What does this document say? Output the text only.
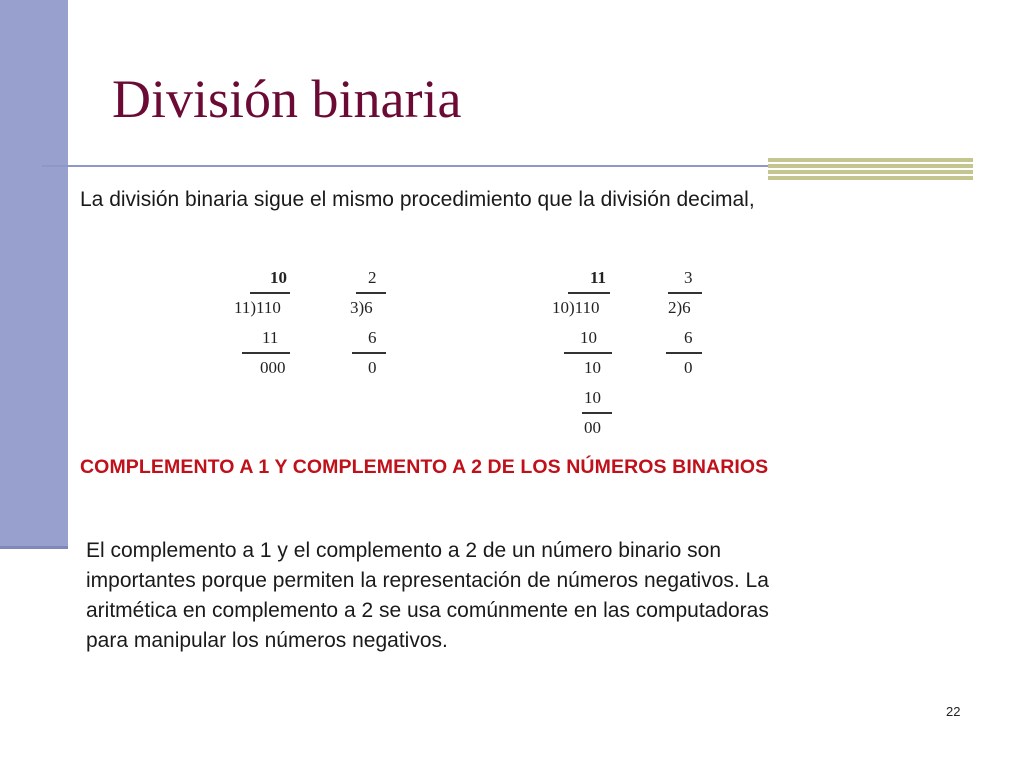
División binaria
La división binaria sigue el mismo procedimiento que la división decimal,
10
11)110
11
000
2
3)6
6
0
11
10)110
10
10
10
00
3
2)6
6
0
COMPLEMENTO A 1 Y COMPLEMENTO A 2 DE LOS NÚMEROS BINARIOS

El complemento a 1 y el complemento a 2 de un número binario son
importantes porque permiten la representación de números negativos. La
aritmética en complemento a 2 se usa comúnmente en las computadoras
para manipular los números negativos.

22
